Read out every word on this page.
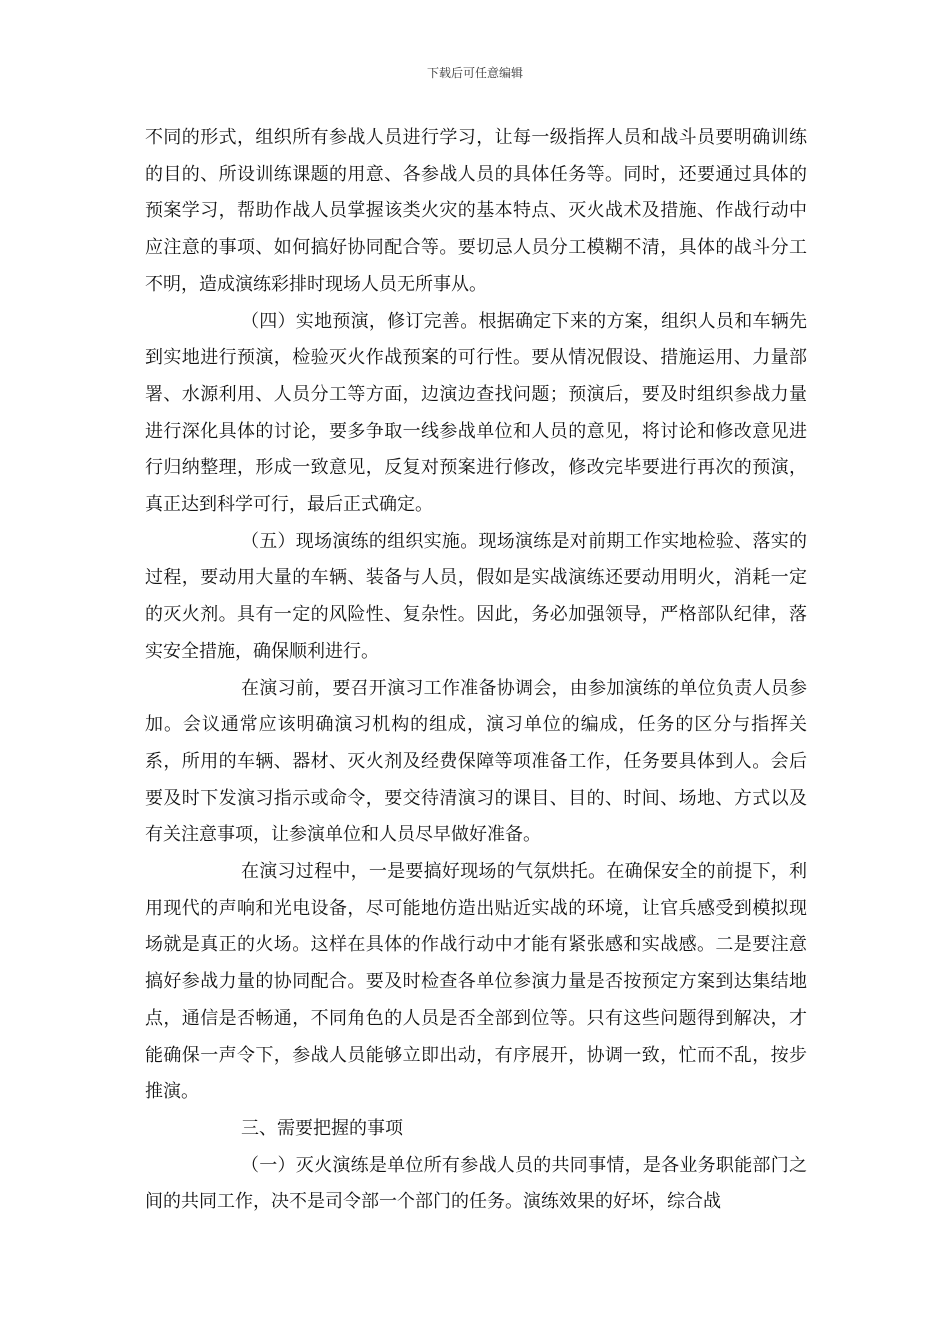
下载后可任意编辑

不同的形式，组织所有参战人员进行学习，让每一级指挥人员和战斗员要明确训练的目的、所设训练课题的用意、各参战人员的具体任务等。同时，还要通过具体的预案学习，帮助作战人员掌握该类火灾的基本特点、灭火战术及措施、作战行动中应注意的事项、如何搞好协同配合等。要切忌人员分工模糊不清，具体的战斗分工不明，造成演练彩排时现场人员无所事从。

（四）实地预演，修订完善。根据确定下来的方案，组织人员和车辆先到实地进行预演，检验灭火作战预案的可行性。要从情况假设、措施运用、力量部署、水源利用、人员分工等方面，边演边查找问题；预演后，要及时组织参战力量进行深化具体的讨论，要多争取一线参战单位和人员的意见，将讨论和修改意见进行归纳整理，形成一致意见，反复对预案进行修改，修改完毕要进行再次的预演，真正达到科学可行，最后正式确定。

（五）现场演练的组织实施。现场演练是对前期工作实地检验、落实的过程，要动用大量的车辆、装备与人员，假如是实战演练还要动用明火，消耗一定的灭火剂。具有一定的风险性、复杂性。因此，务必加强领导，严格部队纪律，落实安全措施，确保顺利进行。

在演习前，要召开演习工作准备协调会，由参加演练的单位负责人员参加。会议通常应该明确演习机构的组成，演习单位的编成，任务的区分与指挥关系，所用的车辆、器材、灭火剂及经费保障等项准备工作，任务要具体到人。会后要及时下发演习指示或命令，要交待清演习的课目、目的、时间、场地、方式以及有关注意事项，让参演单位和人员尽早做好准备。

在演习过程中，一是要搞好现场的气氛烘托。在确保安全的前提下，利用现代的声响和光电设备，尽可能地仿造出贴近实战的环境，让官兵感受到模拟现场就是真正的火场。这样在具体的作战行动中才能有紧张感和实战感。二是要注意搞好参战力量的协同配合。要及时检查各单位参演力量是否按预定方案到达集结地点，通信是否畅通，不同角色的人员是否全部到位等。只有这些问题得到解决，才能确保一声令下，参战人员能够立即出动，有序展开，协调一致，忙而不乱，按步推演。

三、需要把握的事项

（一）灭火演练是单位所有参战人员的共同事情，是各业务职能部门之间的共同工作，决不是司令部一个部门的任务。演练效果的好坏，综合战
